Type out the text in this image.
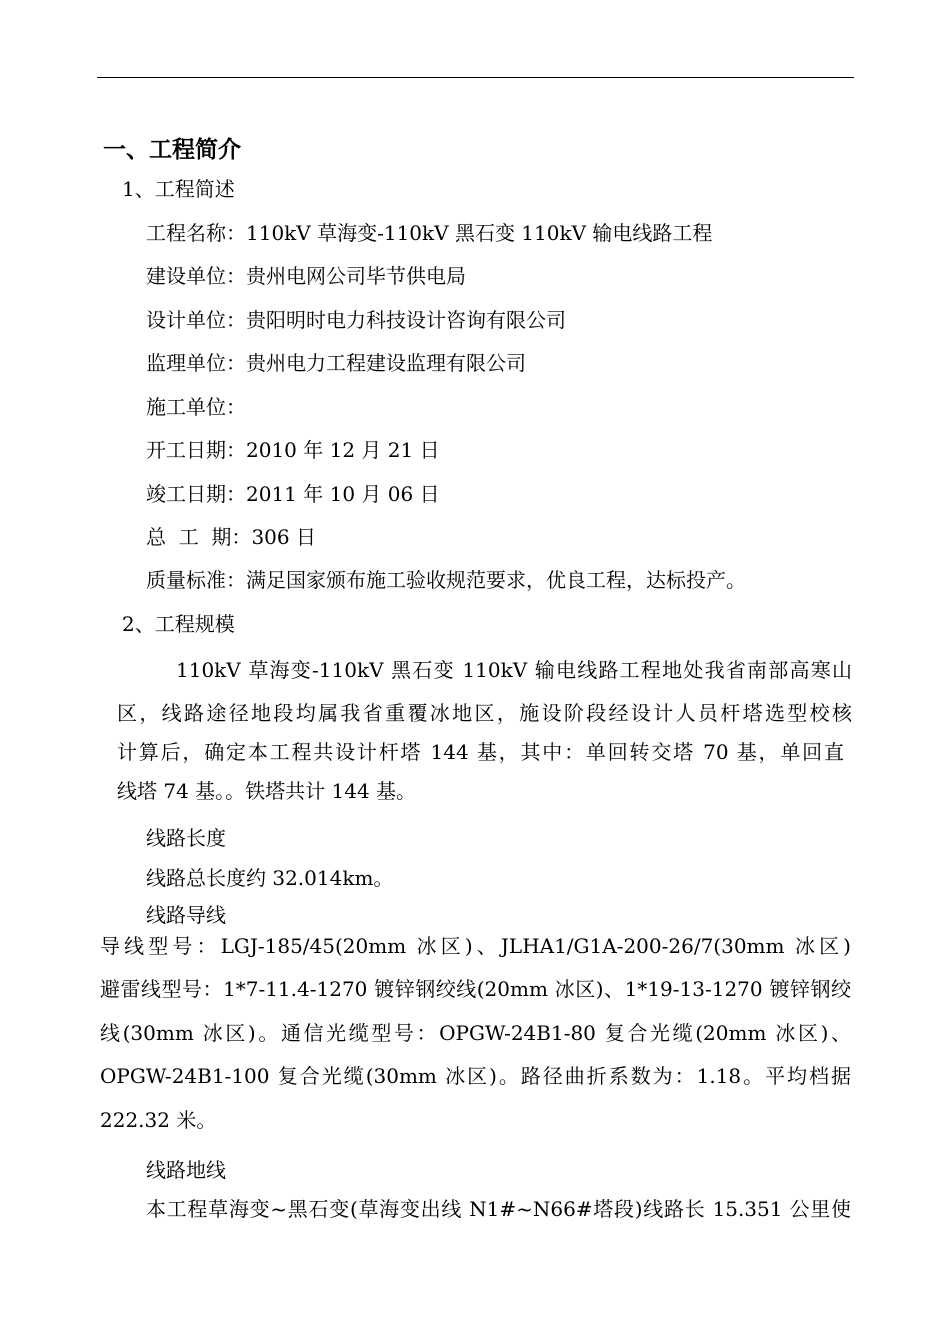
一、工程简介
1、工程简述
工程名称：110kV 草海变-110kV 黑石变 110kV 输电线路工程
建设单位：贵州电网公司毕节供电局
设计单位：贵阳明时电力科技设计咨询有限公司
监理单位：贵州电力工程建设监理有限公司
施工单位：
开工日期：2010 年 12 月 21 日
竣工日期：2011 年 10 月 06 日
总  工  期：306 日
质量标准：满足国家颁布施工验收规范要求，优良工程，达标投产。
2、工程规模
110kV 草海变-110kV 黑石变 110kV 输电线路工程地处我省南部高寒山
区，线路途径地段均属我省重覆冰地区，施设阶段经设计人员杆塔选型校核
计算后，确定本工程共设计杆塔 144 基，其中：单回转交塔 70 基，单回直
线塔 74 基。。铁塔共计 144 基。
线路长度
线路总长度约 32.014km。
线路导线
导线型号：LGJ-185/45(20mm 冰区)、JLHA1/G1A-200-26/7(30mm 冰区)
避雷线型号：1*7-11.4-1270 镀锌钢绞线(20mm 冰区)、1*19-13-1270 镀锌钢绞
线(30mm 冰区)。通信光缆型号：OPGW-24B1-80 复合光缆(20mm 冰区)、
OPGW-24B1-100 复合光缆(30mm 冰区)。路径曲折系数为：1.18。平均档据
222.32 米。
线路地线
本工程草海变~黑石变(草海变出线 N1#~N66#塔段)线路长 15.351 公里使
